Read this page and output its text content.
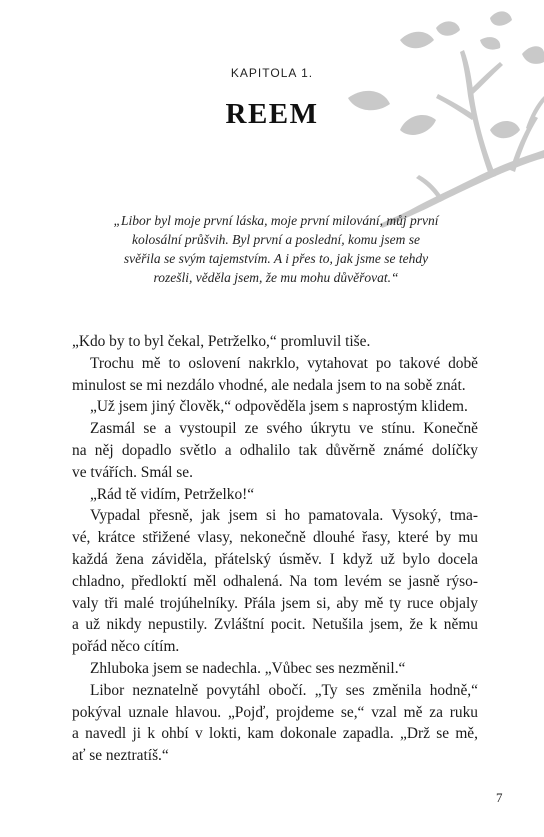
KAPITOLA 1.
REEM
„Libor byl moje první láska, moje první milování, můj první
kolosální průšvih. Byl první a poslední, komu jsem se
svěřila se svým tajemstvím. A i přes to, jak jsme se tehdy
rozešli, věděla jsem, že mu mohu důvěřovat.“
„Kdo by to byl čekal, Petrželko,“ promluvil tiše.
Trochu mě to oslovení nakrklo, vytahovat po takové době
minulost se mi nezdálo vhodné, ale nedala jsem to na sobě znát.
„Už jsem jiný člověk,“ odpověděla jsem s naprostým klidem.
Zasmál se a vystoupil ze svého úkrytu ve stínu. Konečně
na něj dopadlo světlo a odhalilo tak důvěrně známé dolíčky
ve tvářích. Smál se.
„Rád tě vidím, Petrželko!“
Vypadal přesně, jak jsem si ho pamatovala. Vysoký, tma-
vé, krátce střižené vlasy, nekonečně dlouhé řasy, které by mu
každá žena záviděla, přátelský úsměv. I když už bylo docela
chladno, předloktí měl odhalená. Na tom levém se jasně rýso-
valy tři malé trojúhelníky. Přála jsem si, aby mě ty ruce objaly
a už nikdy nepustily. Zvláštní pocit. Netušila jsem, že k němu
pořád něco cítím.
Zhluboka jsem se nadechla. „Vůbec ses nezměnil.“
Libor neznatelně povytáhl obočí. „Ty ses změnila hodně,“
pokýval uznale hlavou. „Pojď, projdeme se,“ vzal mě za ruku
a navedl ji k ohbí v lokti, kam dokonale zapadla. „Drž se mě,
ať se neztratíš.“
7
